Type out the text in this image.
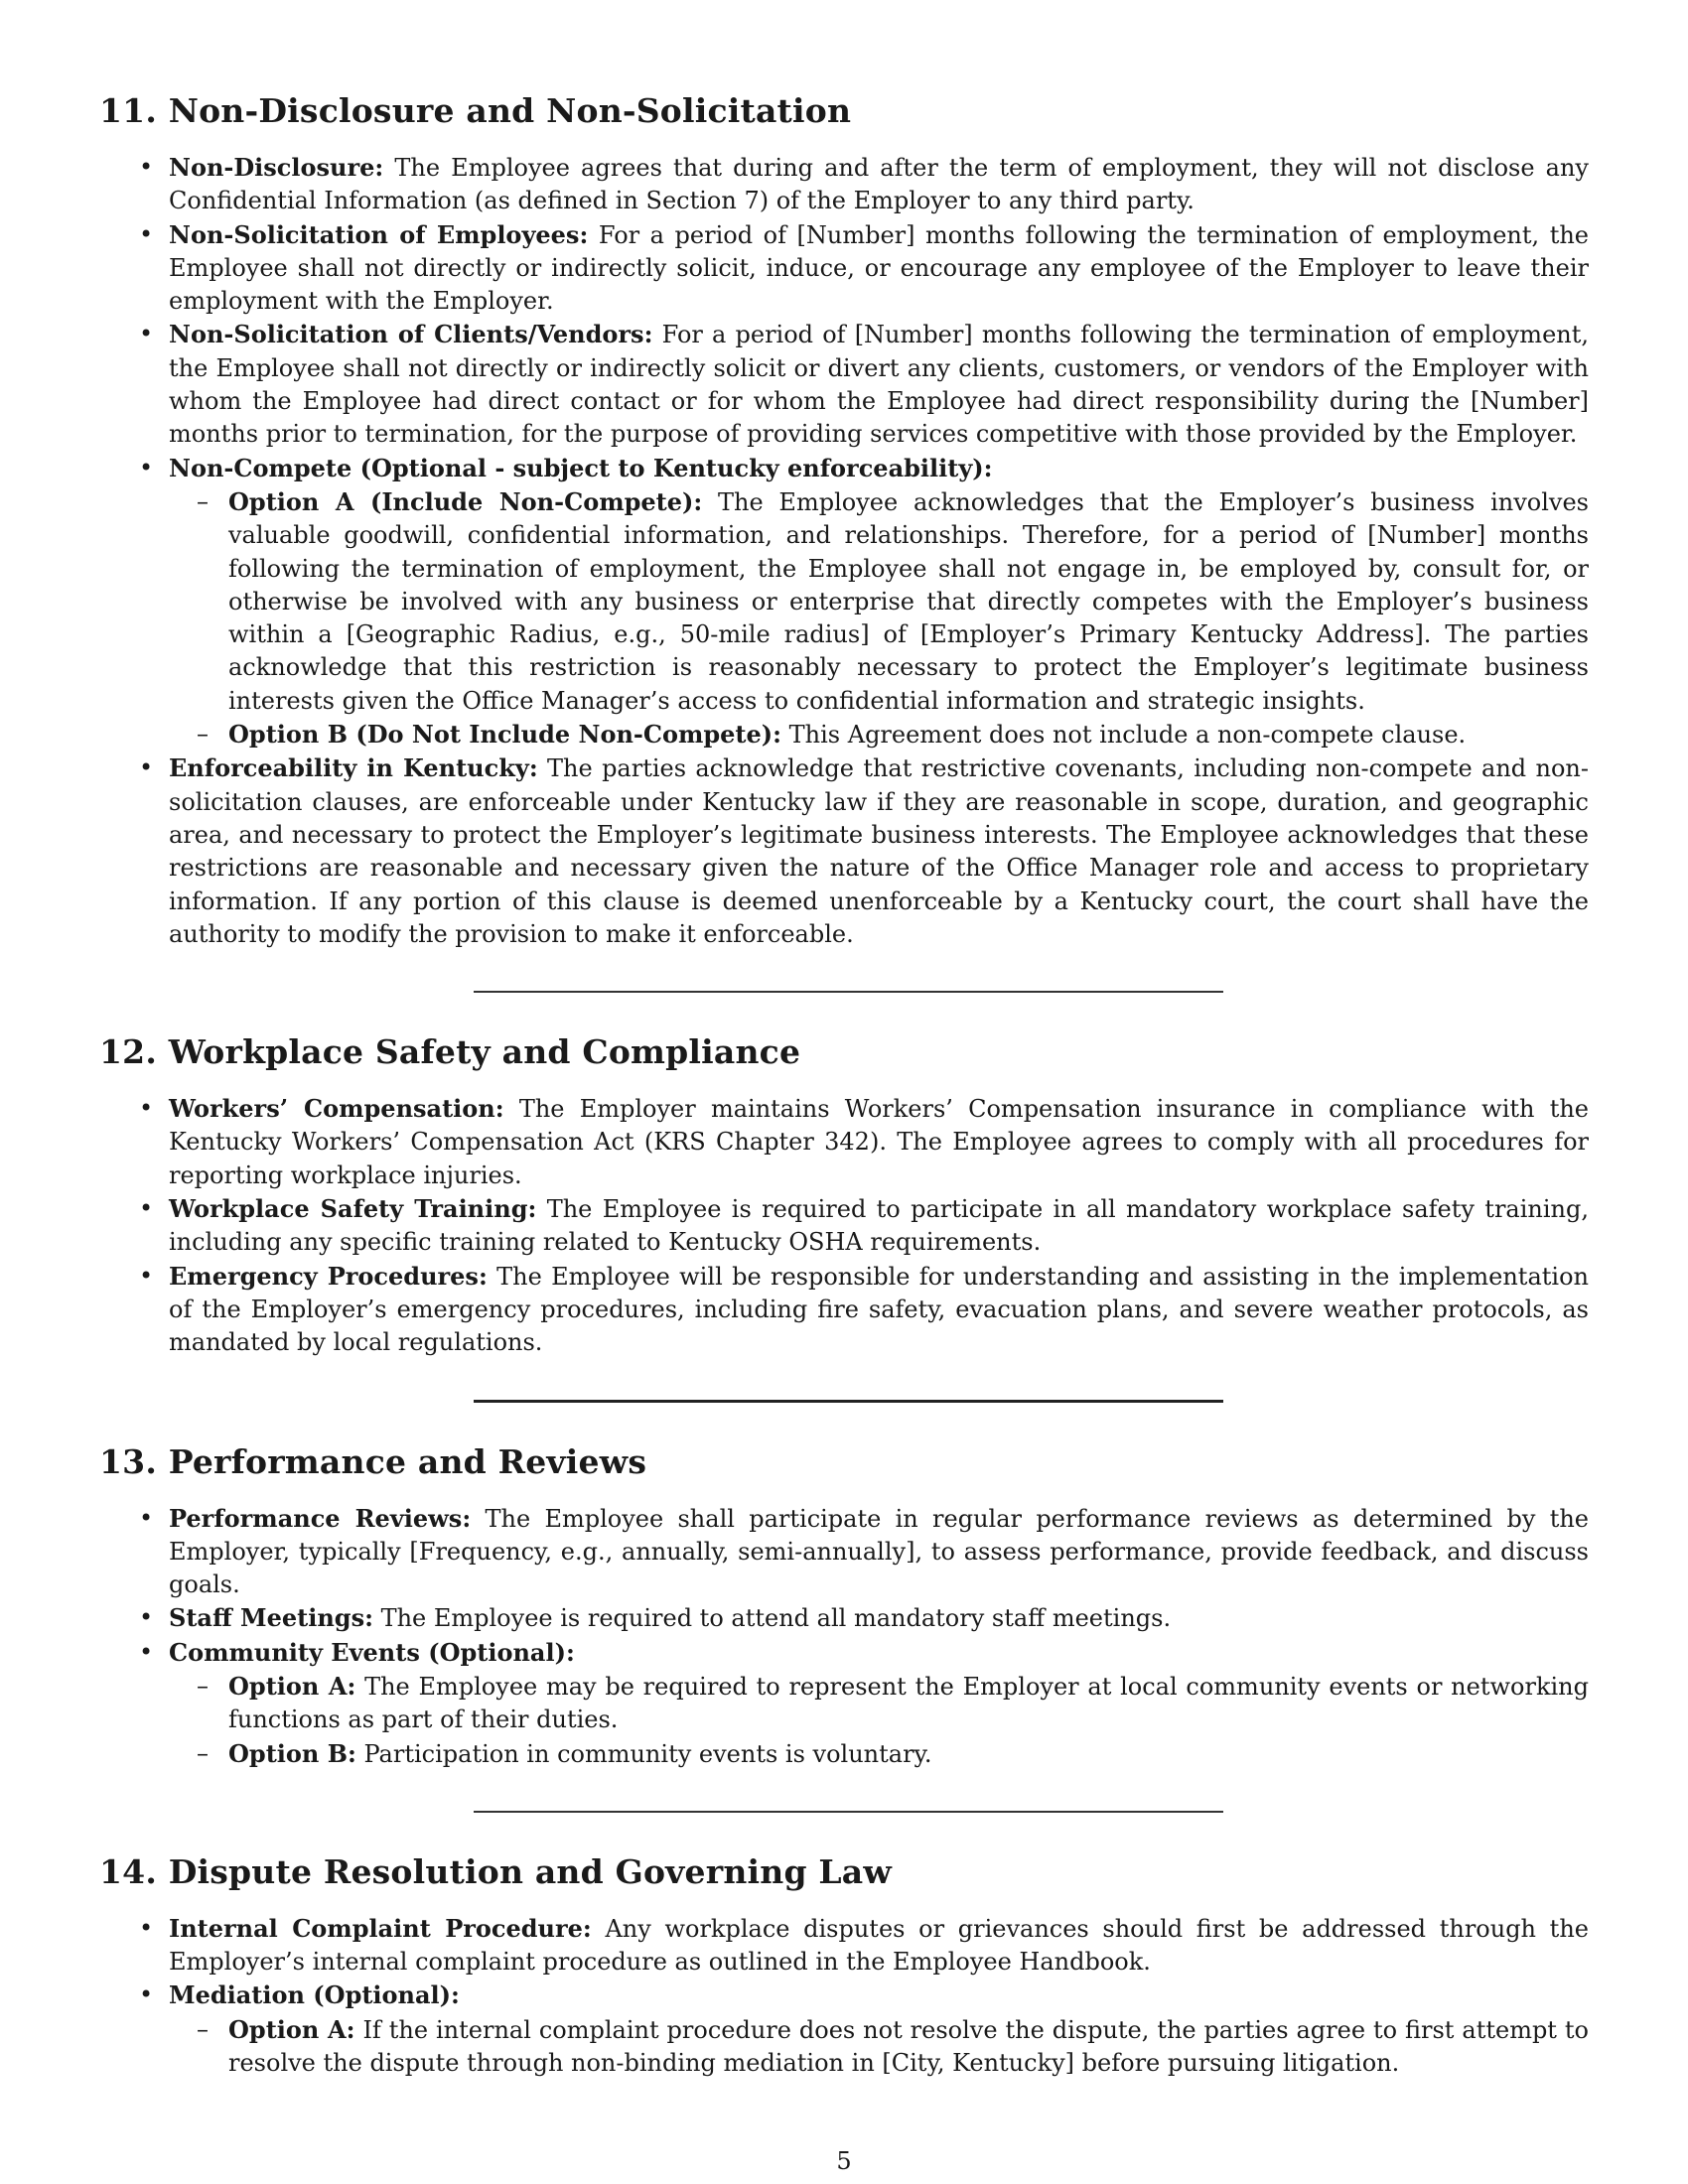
11. Non-Disclosure and Non-Solicitation
• Non-Disclosure: The Employee agrees that during and after the term of employment, they will not disclose any Confidential Information (as defined in Section 7) of the Employer to any third party.
• Non-Solicitation of Employees: For a period of [Number] months following the termination of employment, the Employee shall not directly or indirectly solicit, induce, or encourage any employee of the Employer to leave their employment with the Employer.
• Non-Solicitation of Clients/Vendors: For a period of [Number] months following the termination of employment, the Employee shall not directly or indirectly solicit or divert any clients, customers, or vendors of the Employer with whom the Employee had direct contact or for whom the Employee had direct responsibility during the [Number] months prior to termination, for the purpose of providing services competitive with those provided by the Employer.
• Non-Compete (Optional - subject to Kentucky enforceability):
– Option A (Include Non-Compete): The Employee acknowledges that the Employer’s business involves valuable goodwill, confidential information, and relationships. Therefore, for a period of [Number] months following the termination of employment, the Employee shall not engage in, be employed by, consult for, or otherwise be involved with any business or enterprise that directly competes with the Employer’s business within a [Geographic Radius, e.g., 50-mile radius] of [Employer’s Primary Kentucky Address]. The parties acknowledge that this restriction is reasonably necessary to protect the Employer’s legitimate business interests given the Office Manager’s access to confidential information and strategic insights.
– Option B (Do Not Include Non-Compete): This Agreement does not include a non-compete clause.
• Enforceability in Kentucky: The parties acknowledge that restrictive covenants, including non-compete and non-solicitation clauses, are enforceable under Kentucky law if they are reasonable in scope, duration, and geographic area, and necessary to protect the Employer’s legitimate business interests. The Employee acknowledges that these restrictions are reasonable and necessary given the nature of the Office Manager role and access to proprietary information. If any portion of this clause is deemed unenforceable by a Kentucky court, the court shall have the authority to modify the provision to make it enforceable.
12. Workplace Safety and Compliance
• Workers’ Compensation: The Employer maintains Workers’ Compensation insurance in compliance with the Kentucky Workers’ Compensation Act (KRS Chapter 342). The Employee agrees to comply with all procedures for reporting workplace injuries.
• Workplace Safety Training: The Employee is required to participate in all mandatory workplace safety training, including any specific training related to Kentucky OSHA requirements.
• Emergency Procedures: The Employee will be responsible for understanding and assisting in the implementation of the Employer’s emergency procedures, including fire safety, evacuation plans, and severe weather protocols, as mandated by local regulations.
13. Performance and Reviews
• Performance Reviews: The Employee shall participate in regular performance reviews as determined by the Employer, typically [Frequency, e.g., annually, semi-annually], to assess performance, provide feedback, and discuss goals.
• Staff Meetings: The Employee is required to attend all mandatory staff meetings.
• Community Events (Optional):
– Option A: The Employee may be required to represent the Employer at local community events or networking functions as part of their duties.
– Option B: Participation in community events is voluntary.
14. Dispute Resolution and Governing Law
• Internal Complaint Procedure: Any workplace disputes or grievances should first be addressed through the Employer’s internal complaint procedure as outlined in the Employee Handbook.
• Mediation (Optional):
– Option A: If the internal complaint procedure does not resolve the dispute, the parties agree to first attempt to resolve the dispute through non-binding mediation in [City, Kentucky] before pursuing litigation.
5
